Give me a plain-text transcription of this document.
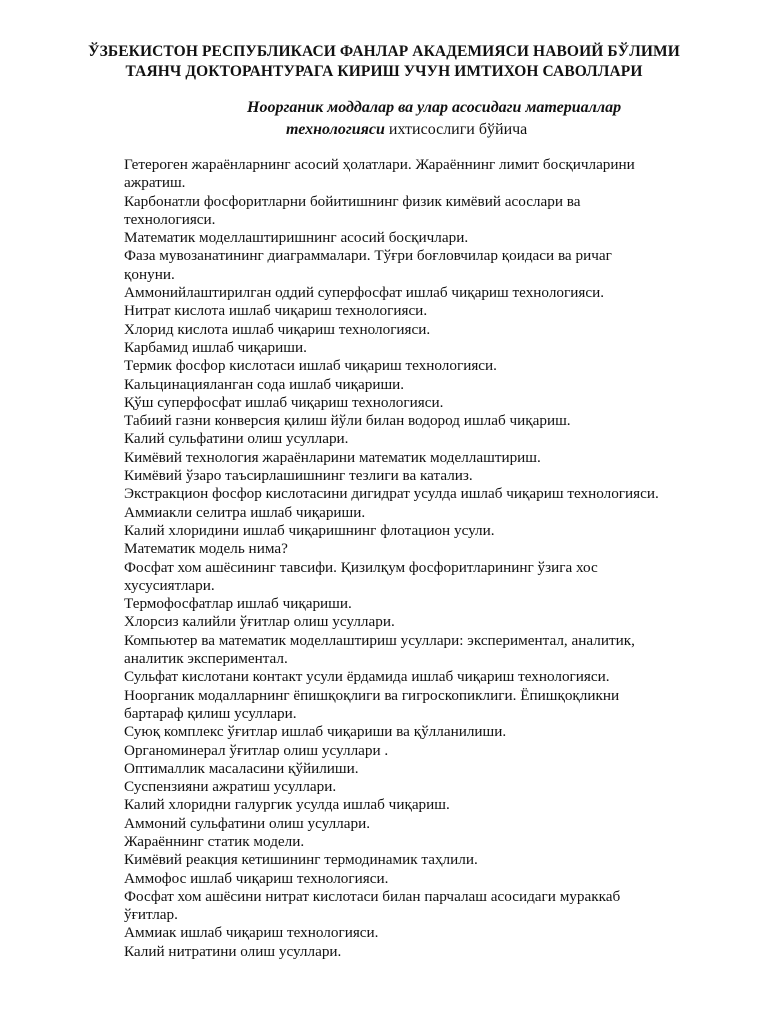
ЎЗБЕКИСТОН РЕСПУБЛИКАСИ ФАНЛАР АКАДЕМИЯСИ НАВОИЙ БЎЛИМИ
ТАЯНЧ ДОКТОРАНТУРАГА КИРИШ УЧУН ИМТИХОН САВОЛЛАРИ
Ноорганик моддалар ва улар асосидаги материаллар
технологияси ихтисослиги бўйича
Гетероген жараёнларнинг асосий ҳолатлари. Жараённинг лимит босқичларини
ажратиш.
Карбонатли фосфоритларни бойитишнинг физик кимёвий асослари ва
технологияси.
Математик моделлаштиришнинг асосий босқичлари.
Фаза мувозанатининг диаграммалари. Тўғри боғловчилар қоидаси ва ричаг
қонуни.
Аммонийлаштирилган оддий суперфосфат ишлаб чиқариш технологияси.
Нитрат кислота ишлаб чиқариш технологияси.
Хлорид кислота ишлаб чиқариш технологияси.
Карбамид ишлаб чиқариши.
Термик фосфор кислотаси ишлаб чиқариш технологияси.
Кальцинацияланган сода ишлаб чиқариши.
Қўш суперфосфат ишлаб чиқариш технологияси.
Табиий газни конверсия қилиш йўли билан водород ишлаб чиқариш.
Калий сульфатини олиш усуллари.
Кимёвий технология жараёнларини математик моделлаштириш.
Кимёвий ўзаро таъсирлашишнинг тезлиги ва катализ.
Экстракцион фосфор кислотасини дигидрат усулда ишлаб чиқариш технологияси.
Аммиакли селитра ишлаб чиқариши.
Калий хлоридини ишлаб чиқаришнинг флотацион усули.
Математик модель нима?
Фосфат хом ашёсининг тавсифи. Қизилқум фосфоритларининг ўзига хос
хусусиятлари.
Термофосфатлар ишлаб чиқариши.
Хлорсиз калийли ўғитлар олиш усуллари.
Компьютер ва математик моделлаштириш усуллари: экспериментал, аналитик,
аналитик экспериментал.
Сульфат кислотани контакт усули ёрдамида ишлаб чиқариш технологияси.
Ноорганик модалларнинг ёпишқоқлиги ва гигроскопиклиги. Ёпишқоқликни
бартараф қилиш усуллари.
Суюқ комплекс ўғитлар ишлаб чиқариши ва қўлланилиши.
Органоминерал ўғитлар олиш усуллари .
Оптималлик масаласини қўйилиши.
Суспензияни ажратиш усуллари.
Калий хлоридни галургик усулда ишлаб чиқариш.
Аммоний сульфатини олиш усуллари.
Жараённинг статик модели.
Кимёвий реакция кетишининг термодинамик таҳлили.
Аммофос ишлаб чиқариш технологияси.
Фосфат хом ашёсини нитрат кислотаси билан парчалаш асосидаги мураккаб
ўғитлар.
Аммиак ишлаб чиқариш технологияси.
Калий нитратини олиш усуллари.
